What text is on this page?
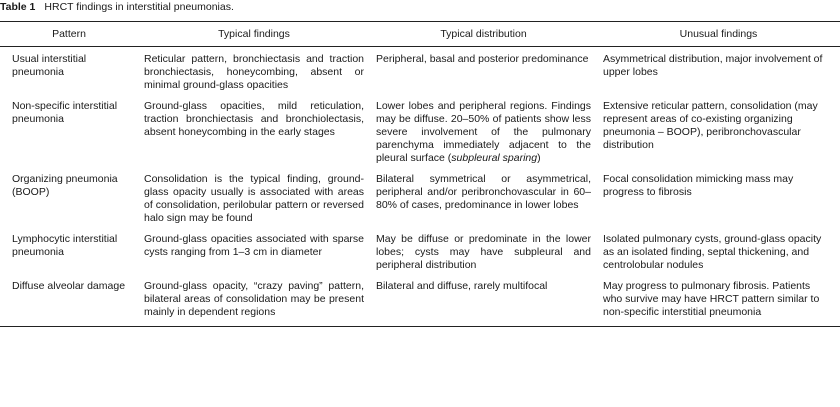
Table 1 HRCT findings in interstitial pneumonias.
Pattern	Typical findings	Typical distribution	Unusual findings
Usual interstitial pneumonia	Reticular pattern, bronchiectasis and traction bronchiectasis, honeycombing, absent or minimal ground-glass opacities	Peripheral, basal and posterior predominance	Asymmetrical distribution, major involvement of upper lobes
Non-specific interstitial pneumonia	Ground-glass opacities, mild reticulation, traction bronchiectasis and bronchiolectasis, absent honeycombing in the early stages	Lower lobes and peripheral regions. Findings may be diffuse. 20–50% of patients show less severe involvement of the pulmonary parenchyma immediately adjacent to the pleural surface (subpleural sparing)	Extensive reticular pattern, consolidation (may represent areas of co-existing organizing pneumonia – BOOP), peribronchovascular distribution
Organizing pneumonia (BOOP)	Consolidation is the typical finding, ground-glass opacity usually is associated with areas of consolidation, perilobular pattern or reversed halo sign may be found	Bilateral symmetrical or asymmetrical, peripheral and/or peribronchovascular in 60–80% of cases, predominance in lower lobes	Focal consolidation mimicking mass may progress to fibrosis
Lymphocytic interstitial pneumonia	Ground-glass opacities associated with sparse cysts ranging from 1–3 cm in diameter	May be diffuse or predominate in the lower lobes; cysts may have subpleural and peripheral distribution	Isolated pulmonary cysts, ground-glass opacity as an isolated finding, septal thickening, and centrolobular nodules
Diffuse alveolar damage	Ground-glass opacity, “crazy paving” pattern, bilateral areas of consolidation may be present mainly in dependent regions	Bilateral and diffuse, rarely multifocal	May progress to pulmonary fibrosis. Patients who survive may have HRCT pattern similar to non-specific interstitial pneumonia
